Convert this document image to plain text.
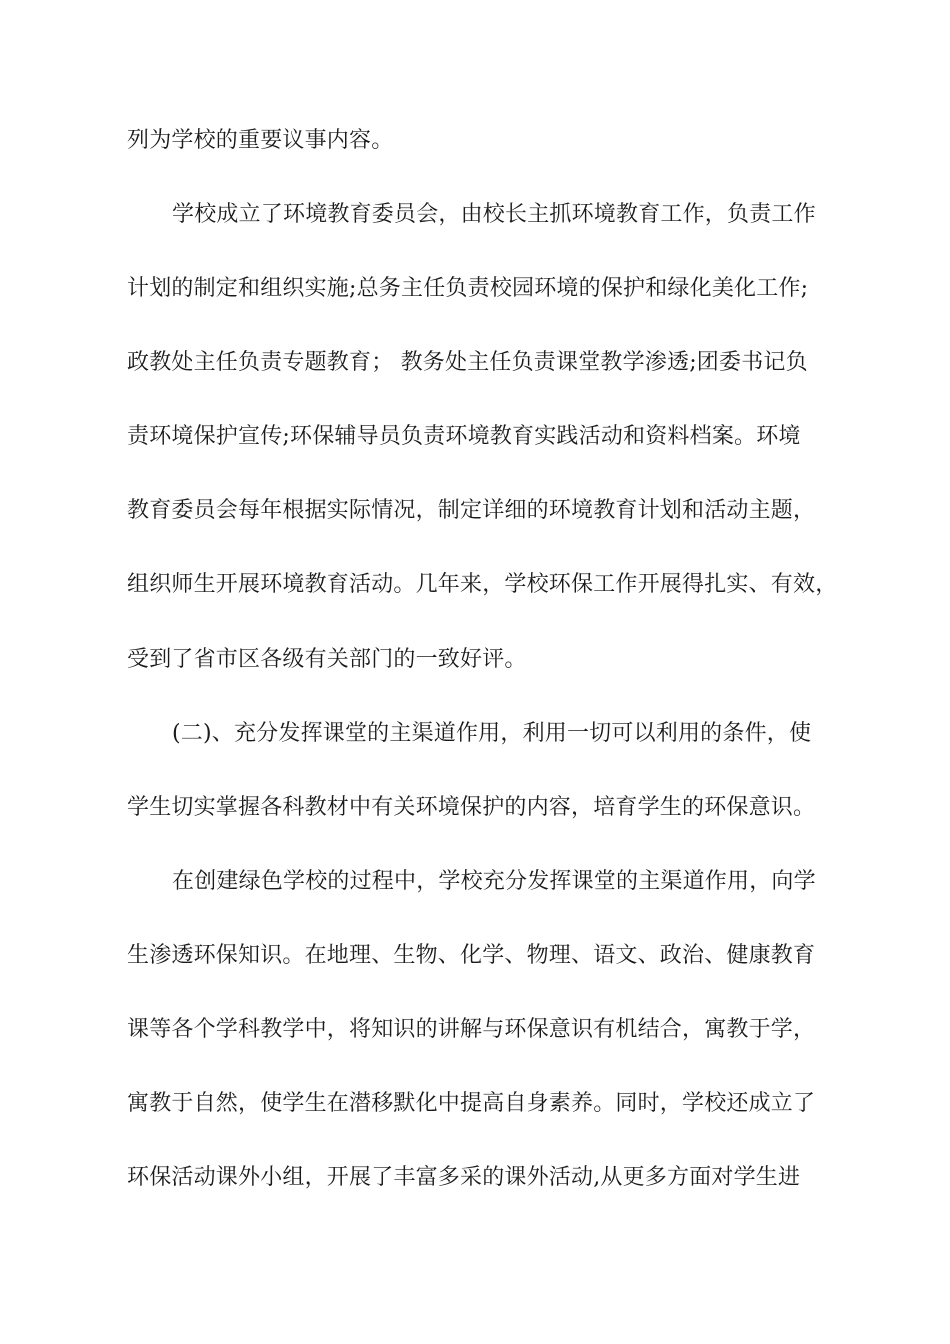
列为学校的重要议事内容。
学校成立了环境教育委员会，由校长主抓环境教育工作，负责工作
计划的制定和组织实施;总务主任负责校园环境的保护和绿化美化工作;
政教处主任负责专题教育； 教务处主任负责课堂教学渗透;团委书记负
责环境保护宣传;环保辅导员负责环境教育实践活动和资料档案。环境
教育委员会每年根据实际情况，制定详细的环境教育计划和活动主题，
组织师生开展环境教育活动。几年来，学校环保工作开展得扎实、有效，
受到了省市区各级有关部门的一致好评。
(二)、充分发挥课堂的主渠道作用，利用一切可以利用的条件，使
学生切实掌握各科教材中有关环境保护的内容，培育学生的环保意识。
在创建绿色学校的过程中，学校充分发挥课堂的主渠道作用，向学
生渗透环保知识。在地理、生物、化学、物理、语文、政治、健康教育
课等各个学科教学中，将知识的讲解与环保意识有机结合，寓教于学，
寓教于自然，使学生在潜移默化中提高自身素养。同时，学校还成立了
环保活动课外小组，开展了丰富多采的课外活动,从更多方面对学生进
